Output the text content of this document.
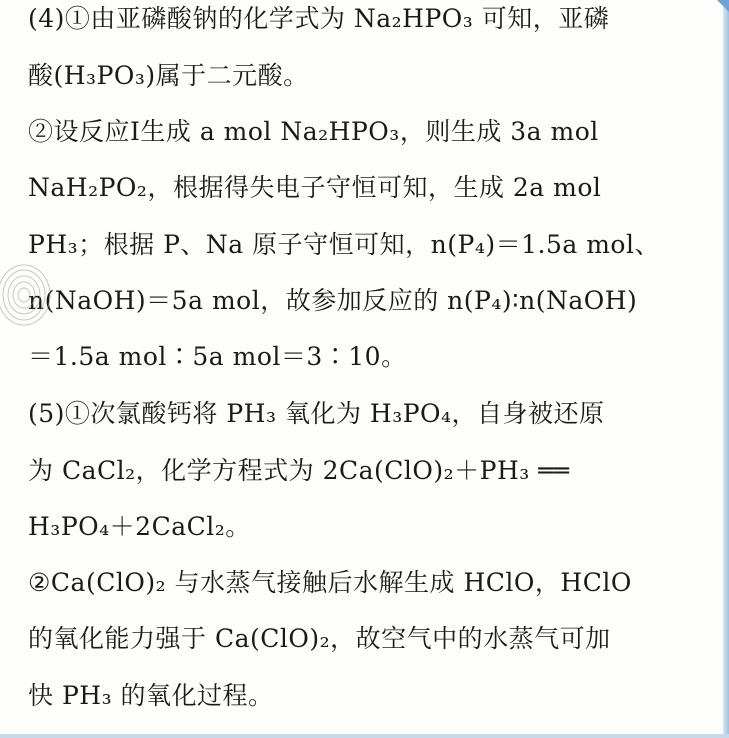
(4)①由亚磷酸钠的化学式为 Na₂HPO₃ 可知，亚磷
酸(H₃PO₃)属于二元酸。
②设反应Ⅰ生成 a mol Na₂HPO₃，则生成 3a mol
NaH₂PO₂，根据得失电子守恒可知，生成 2a mol
PH₃；根据 P、Na 原子守恒可知，n(P₄)＝1.5a mol、
n(NaOH)＝5a mol，故参加反应的 n(P₄)∶n(NaOH)
＝1.5a mol∶5a mol＝3∶10。
(5)①次氯酸钙将 PH₃ 氧化为 H₃PO₄，自身被还原
为 CaCl₂，化学方程式为 2Ca(ClO)₂＋PH₃ ══
H₃PO₄＋2CaCl₂。
②Ca(ClO)₂ 与水蒸气接触后水解生成 HClO，HClO
的氧化能力强于 Ca(ClO)₂，故空气中的水蒸气可加
快 PH₃ 的氧化过程。
